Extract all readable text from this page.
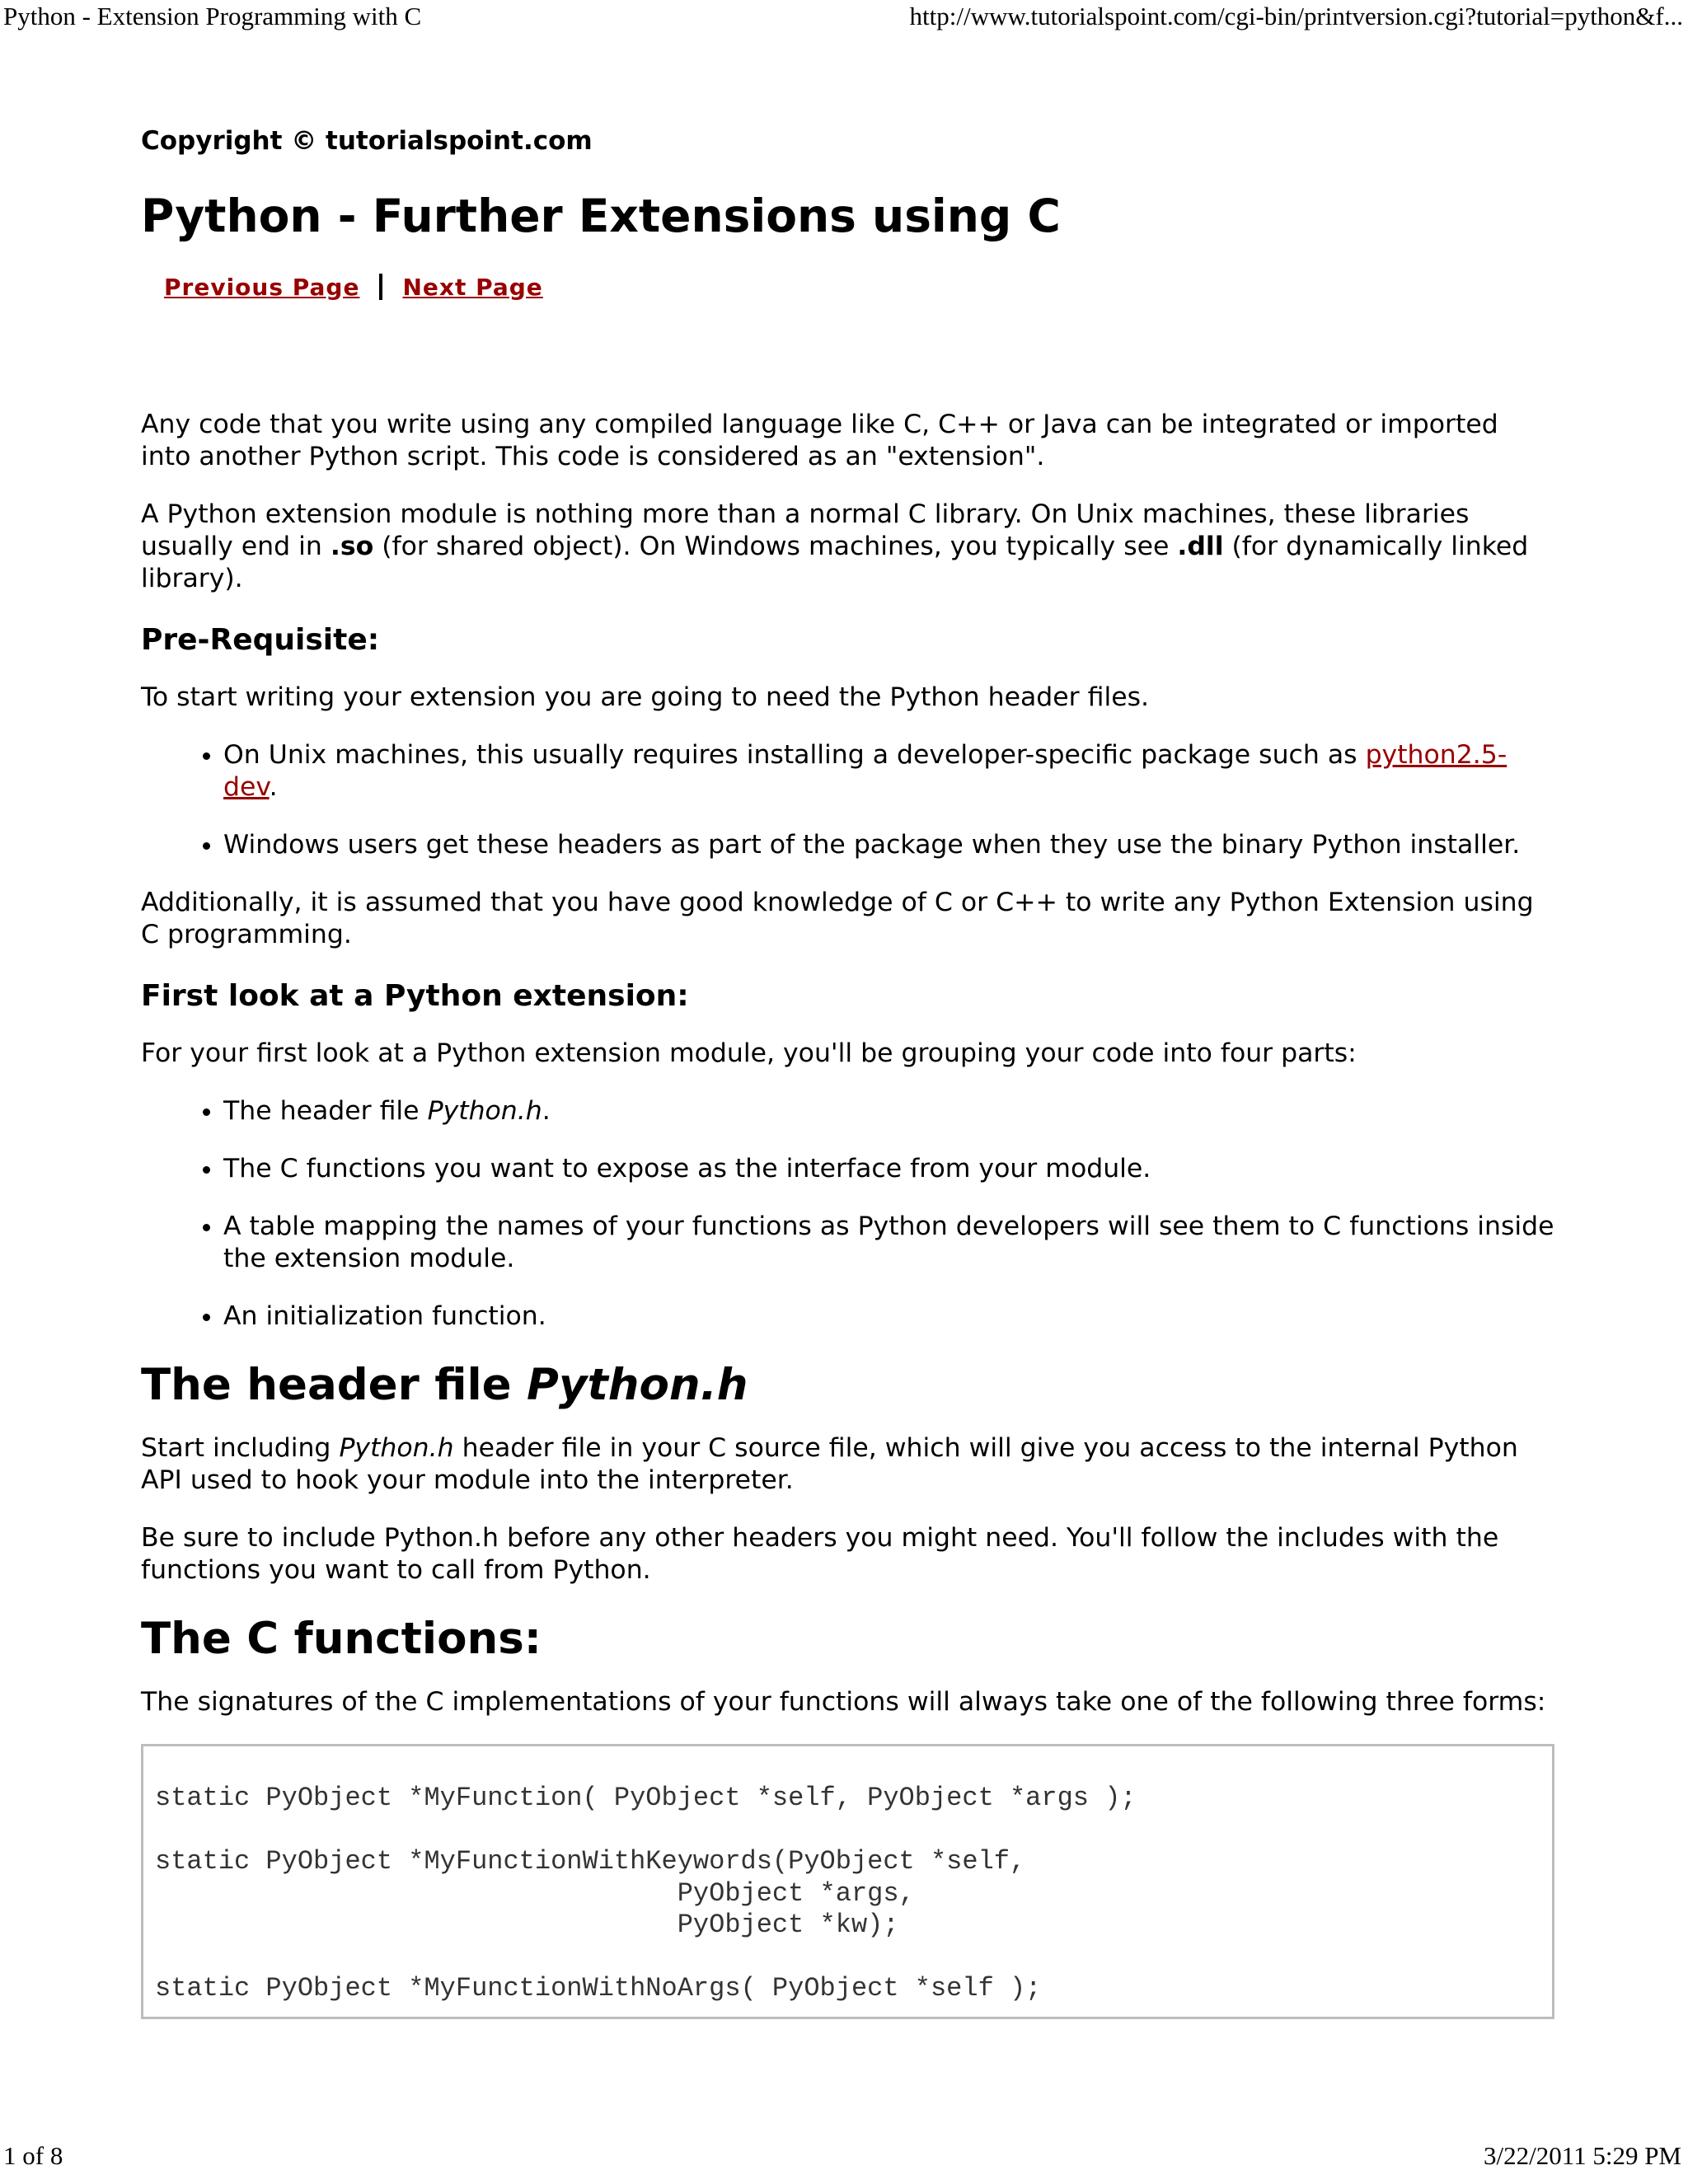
Python - Extension Programming with C	http://www.tutorialspoint.com/cgi-bin/printversion.cgi?tutorial=python&f...
Copyright © tutorialspoint.com
Python - Further Extensions using C
Previous Page Next Page

Any code that you write using any compiled language like C, C++ or Java can be integrated or imported into another Python script. This code is considered as an "extension".

A Python extension module is nothing more than a normal C library. On Unix machines, these libraries usually end in .so (for shared object). On Windows machines, you typically see .dll (for dynamically linked library).

Pre-Requisite:

To start writing your extension you are going to need the Python header files.

• On Unix machines, this usually requires installing a developer-specific package such as python2.5-dev.
• Windows users get these headers as part of the package when they use the binary Python installer.

Additionally, it is assumed that you have good knowledge of C or C++ to write any Python Extension using C programming.

First look at a Python extension:

For your first look at a Python extension module, you'll be grouping your code into four parts:

• The header file Python.h.
• The C functions you want to expose as the interface from your module.
• A table mapping the names of your functions as Python developers will see them to C functions inside the extension module.
• An initialization function.
The header file Python.h

Start including Python.h header file in your C source file, which will give you access to the internal Python API used to hook your module into the interpreter.

Be sure to include Python.h before any other headers you might need. You'll follow the includes with the functions you want to call from Python.

The C functions:

The signatures of the C implementations of your functions will always take one of the following three forms:

static PyObject *MyFunction( PyObject *self, PyObject *args );

static PyObject *MyFunctionWithKeywords(PyObject *self,
PyObject *args,
PyObject *kw);

static PyObject *MyFunctionWithNoArgs( PyObject *self );
1 of 8	3/22/2011 5:29 PM
